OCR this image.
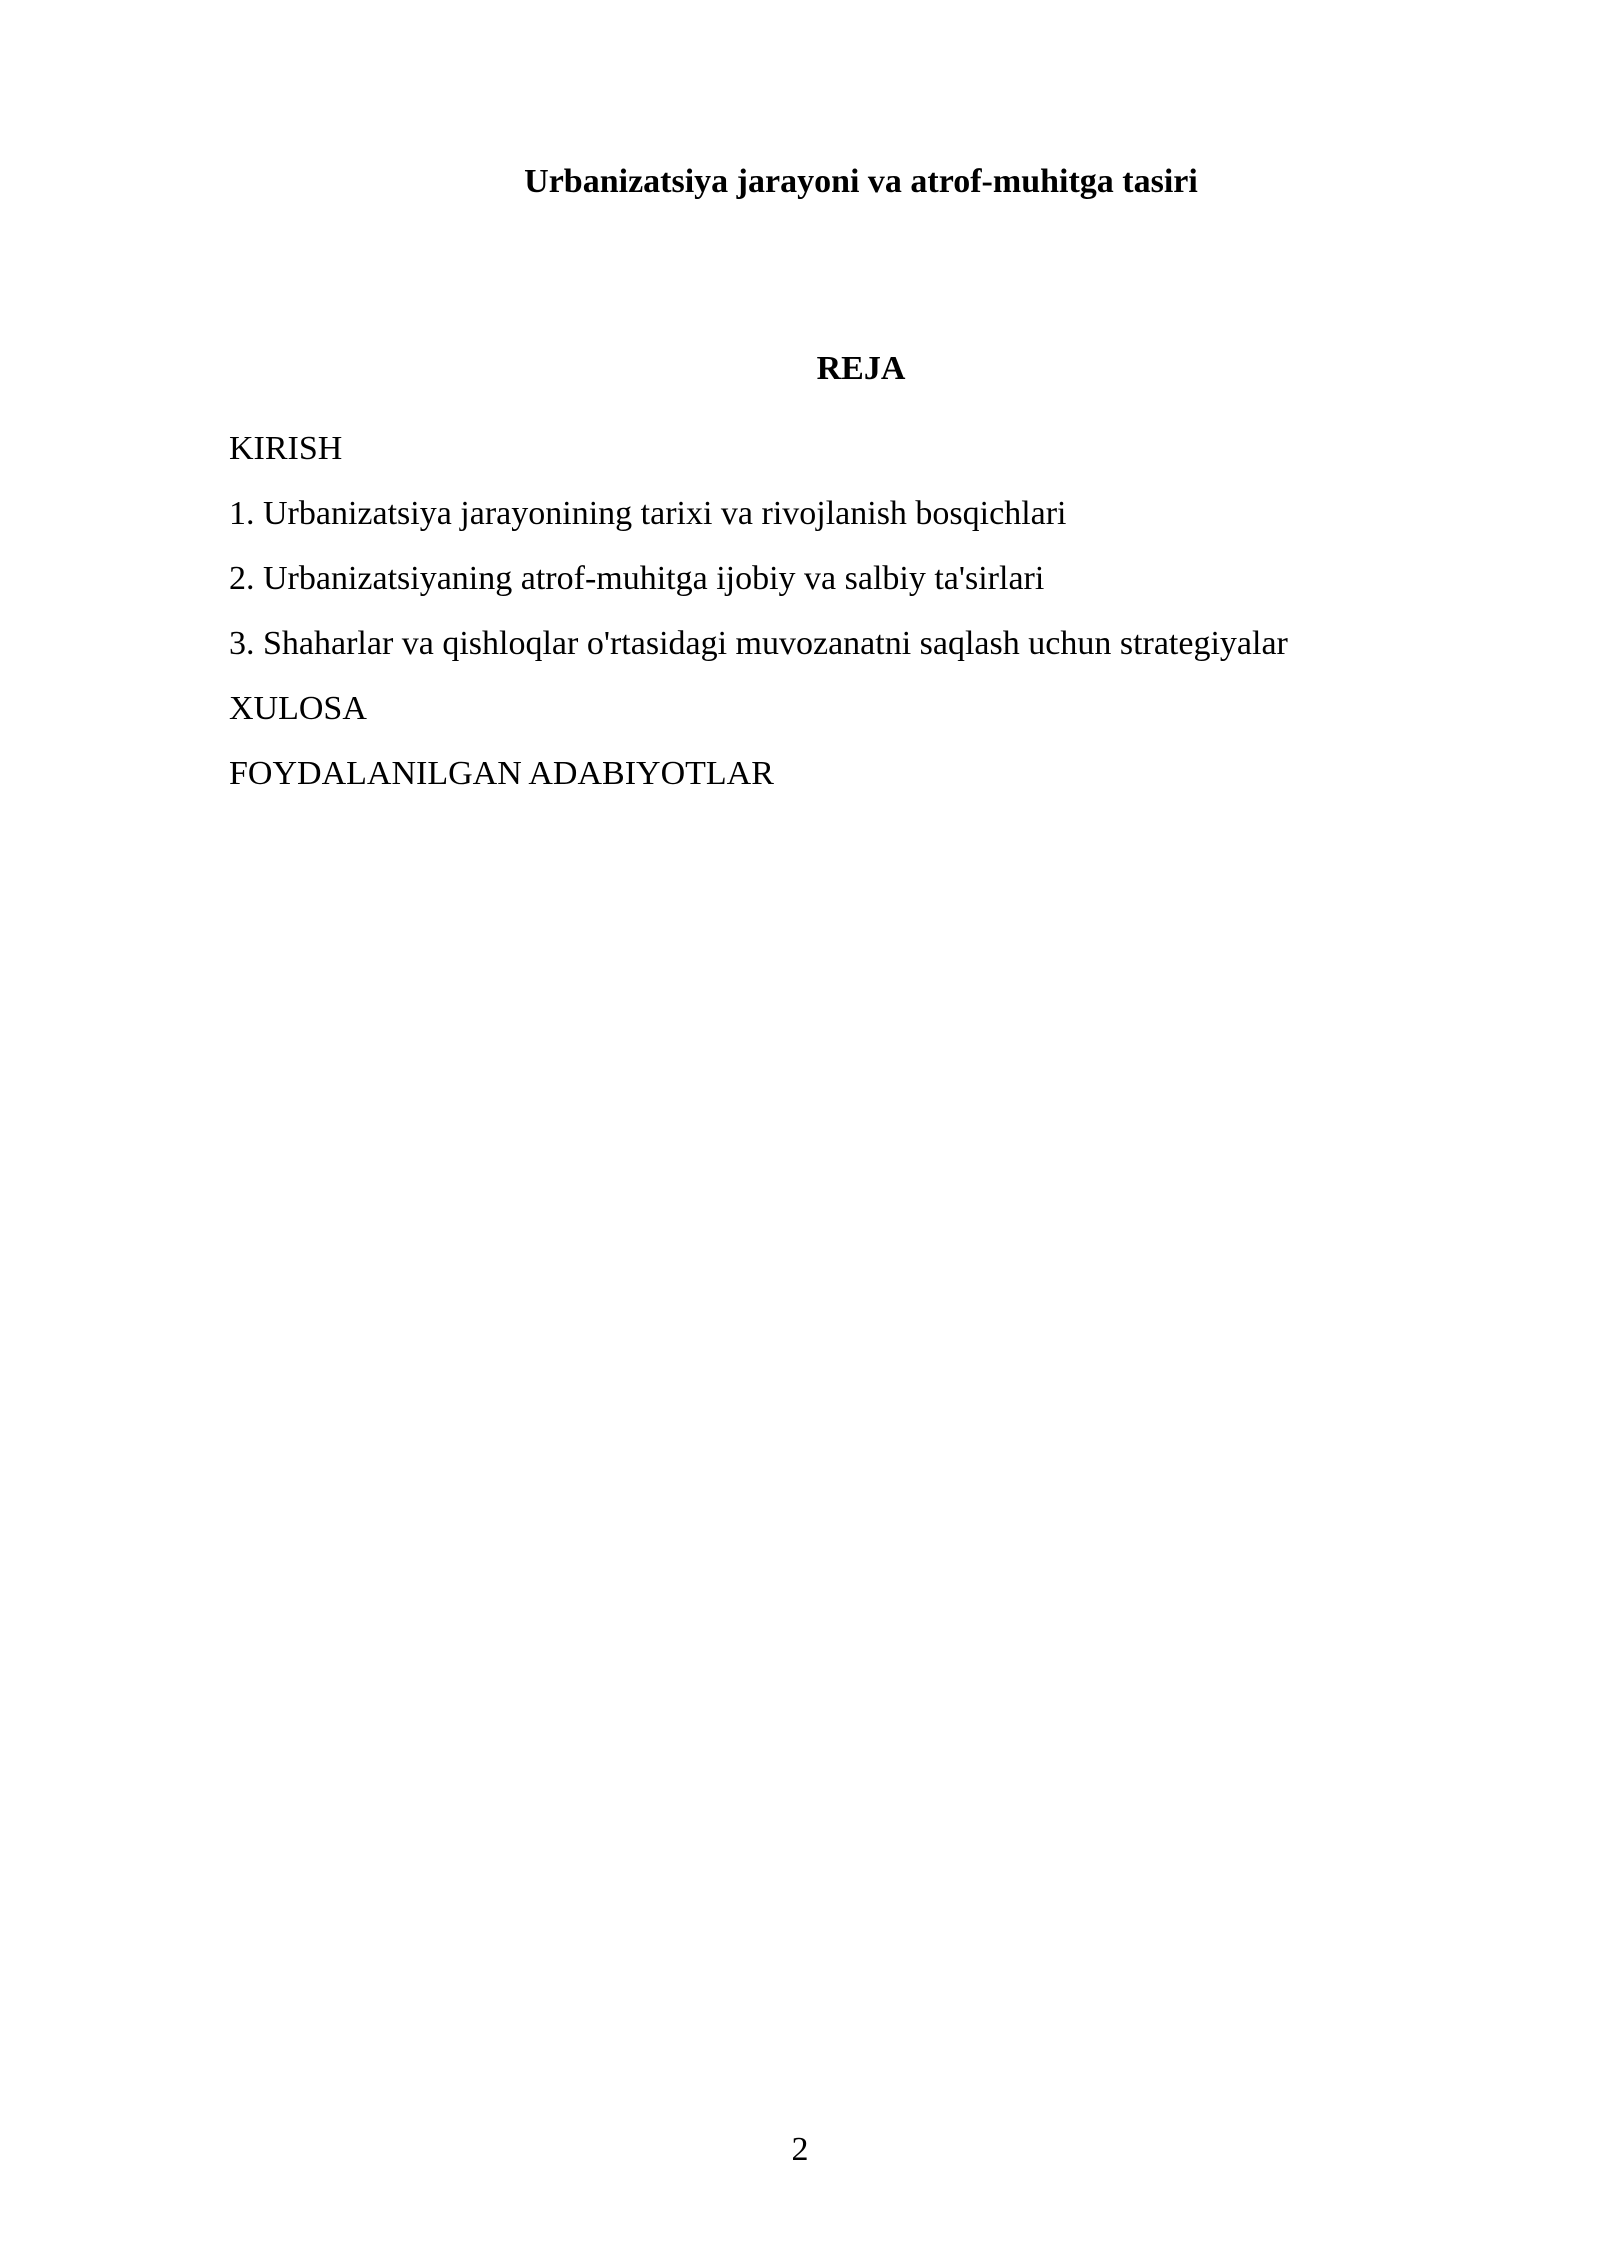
Urbanizatsiya jarayoni va atrof-muhitga tasiri
REJA
KIRISH
1. Urbanizatsiya jarayonining tarixi va rivojlanish bosqichlari
2. Urbanizatsiyaning atrof-muhitga ijobiy va salbiy ta'sirlari
3. Shaharlar va qishloqlar o'rtasidagi muvozanatni saqlash uchun strategiyalar
XULOSA
FOYDALANILGAN ADABIYOTLAR
2
